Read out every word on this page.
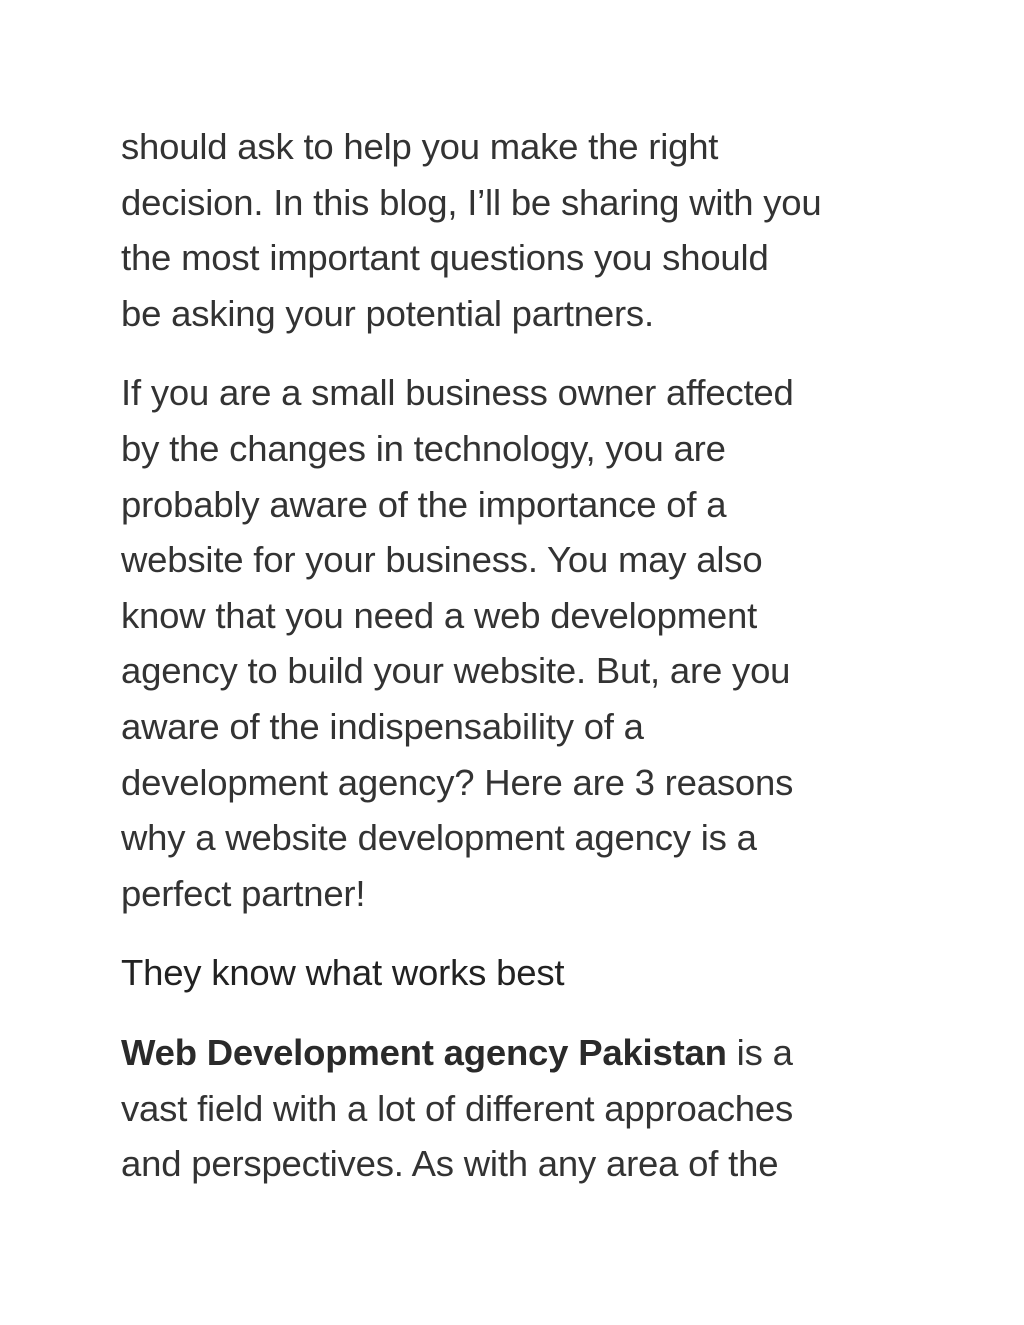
should ask to help you make the right
decision. In this blog, I’ll be sharing with you
the most important questions you should
be asking your potential partners.

If you are a small business owner affected
by the changes in technology, you are
probably aware of the importance of a
website for your business. You may also
know that you need a web development
agency to build your website. But, are you
aware of the indispensability of a
development agency? Here are 3 reasons
why a website development agency is a
perfect partner!

They know what works best

Web Development agency Pakistan is a
vast field with a lot of different approaches
and perspectives. As with any area of the
